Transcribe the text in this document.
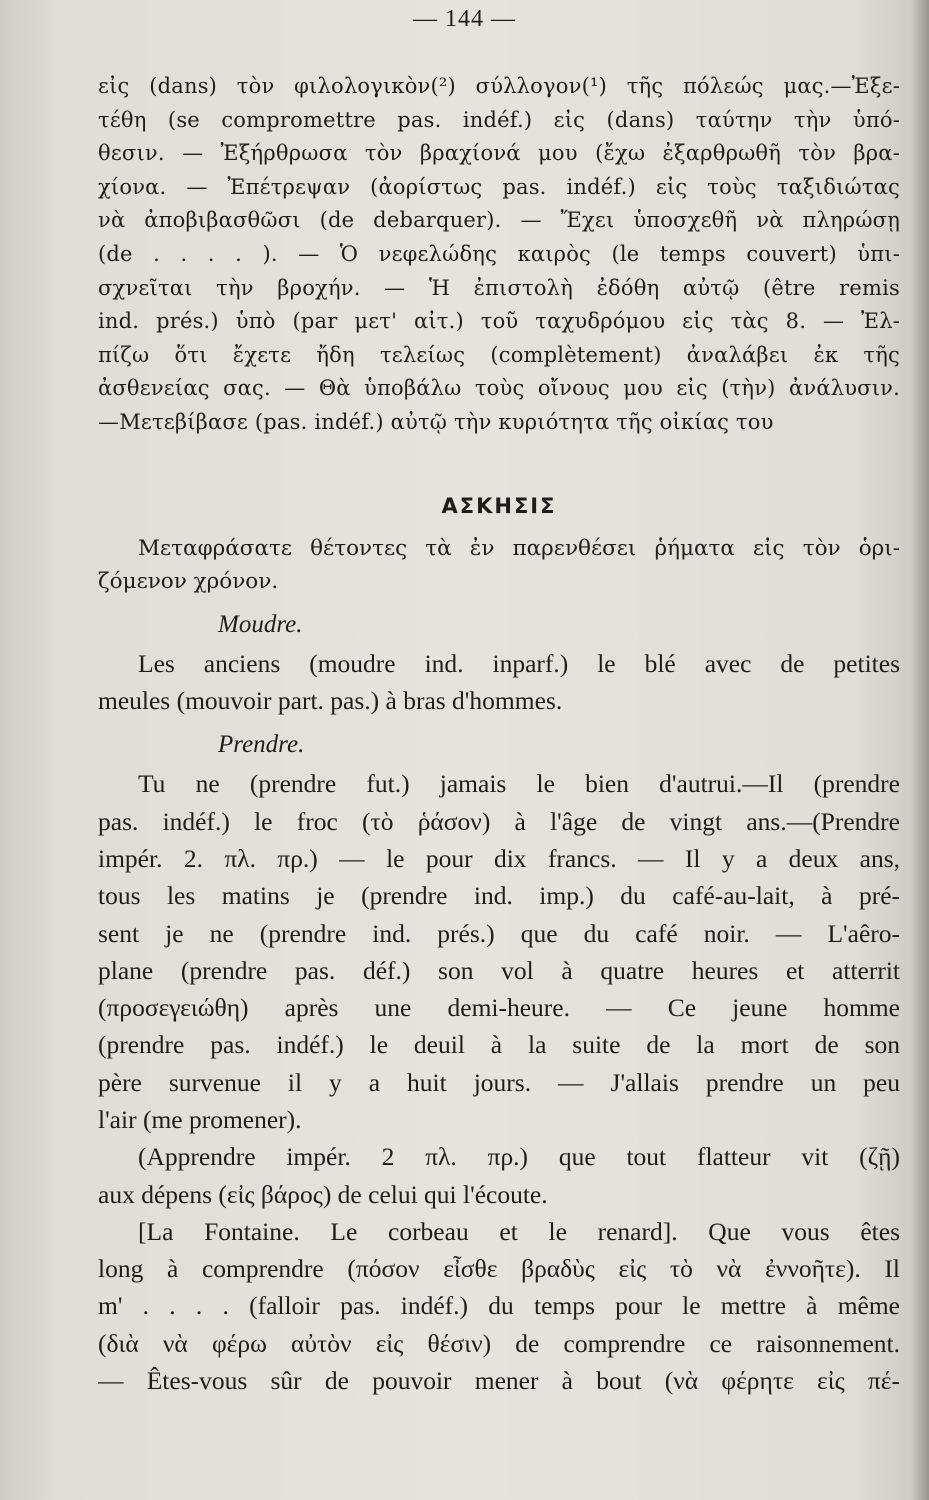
— 144 —
εἰς (dans) τὸν φιλολογικὸν(²) σύλλογον(¹) τῆς πόλεώς μας.—Ἐξε-
τέθη (se compromettre pas. indéf.) εἰς (dans) ταύτην τὴν ὑπό-
θεσιν. — Ἐξήρθρωσα τὸν βραχίονά μου (ἔχω ἐξαρθρωθῆ τὸν βρα-
χίονα. — Ἐπέτρεψαν (ἀορίστως pas. indéf.) εἰς τοὺς ταξιδιώτας
νὰ ἀποβιβασθῶσι (de debarquer). — Ἔχει ὑποσχεθῆ νὰ πληρώσῃ
(de . . . . ). — Ὁ νεφελώδης καιρὸς (le temps couvert) ὑπι-
σχνεῖται τὴν βροχήν. — Ἡ ἐπιστολὴ ἐδόθη αὐτῷ (être remis
ind. prés.) ὑπὸ (par μετ' αἰτ.) τοῦ ταχυδρόμου εἰς τὰς 8. — Ἐλ-
πίζω ὅτι ἔχετε ἤδη τελείως (complètement) ἀναλάβει ἐκ τῆς
ἀσθενείας σας. — Θὰ ὑποβάλω τοὺς οἴνους μου εἰς (τὴν) ἀνάλυσιν.
—Μετεβίβασε (pas. indéf.) αὐτῷ τὴν κυριότητα τῆς οἰκίας του
ΑΣΚΗΣΙΣ
Μεταφράσατε θέτοντες τὰ ἐν παρενθέσει ῥήματα εἰς τὸν ὁρι-
ζόμενον χρόνον.
Moudre.
Les anciens (moudre ind. inparf.) le blé avec de petites
meules (mouvoir part. pas.) à bras d'hommes.
Prendre.
Tu ne (prendre fut.) jamais le bien d'autrui.—Il (prendre
pas. indéf.) le froc (τὸ ῥάσον) à l'âge de vingt ans.—(Prendre
impér. 2. πλ. πρ.) — le pour dix francs. — Il y a deux ans,
tous les matins je (prendre ind. imp.) du café-au-lait, à pré-
sent je ne (prendre ind. prés.) que du café noir. — L'aêro-
plane (prendre pas. déf.) son vol à quatre heures et atterrit
(προσεγειώθη) après une demi-heure. — Ce jeune homme
(prendre pas. indéf.) le deuil à la suite de la mort de son
père survenue il y a huit jours. — J'allais prendre un peu
l'air (me promener).
(Apprendre impér. 2 πλ. πρ.) que tout flatteur vit (ζῇ)
aux dépens (εἰς βάρος) de celui qui l'écoute.
[La Fontaine. Le corbeau et le renard]. Que vous êtes
long à comprendre (πόσον εἶσθε βραδὺς εἰς τὸ νὰ ἐννοῆτε). Il
m' . . . . (falloir pas. indéf.) du temps pour le mettre à même
(διὰ νὰ φέρω αὐτὸν εἰς θέσιν) de comprendre ce raisonnement.
— Êtes-vous sûr de pouvoir mener à bout (νὰ φέρητε εἰς πέ-
